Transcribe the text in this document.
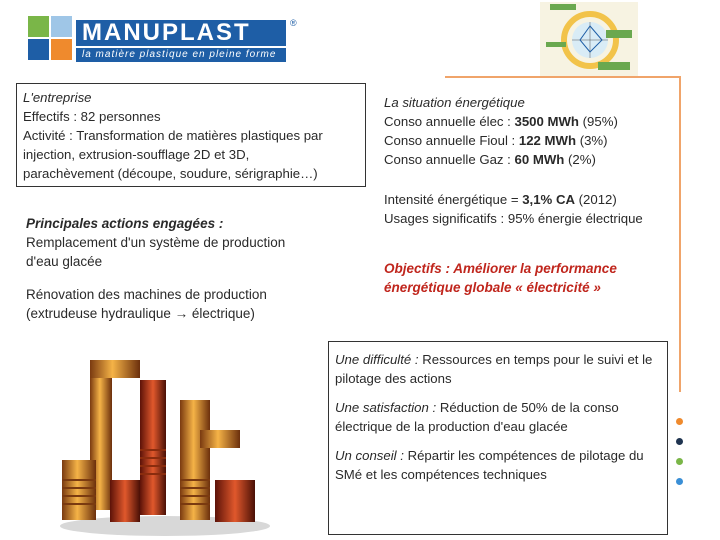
MANUPLAST	®
la matière plastique en pleine forme
L'entreprise
Effectifs : 82 personnes
Activité : Transformation de matières plastiques par
injection, extrusion-soufflage 2D et 3D,
parachèvement (découpe, soudure, sérigraphie…)
Principales actions engagées :
Remplacement d'un système de production
d'eau glacée
Rénovation des machines de production
(extrudeuse hydraulique → électrique)
La situation énergétique
Conso annuelle élec : 3500 MWh (95%)
Conso annuelle Fioul : 122 MWh (3%)
Conso annuelle Gaz : 60 MWh (2%)
Intensité énergétique = 3,1% CA (2012)
Usages significatifs : 95% énergie électrique
Objectifs : Améliorer la performance
énergétique globale « électricité »

Une difficulté : Ressources en temps pour le suivi et le pilotage des actions

Une satisfaction : Réduction de 50% de la conso électrique de la production d'eau glacée

Un conseil : Répartir les compétences de pilotage du SMé et les compétences techniques
